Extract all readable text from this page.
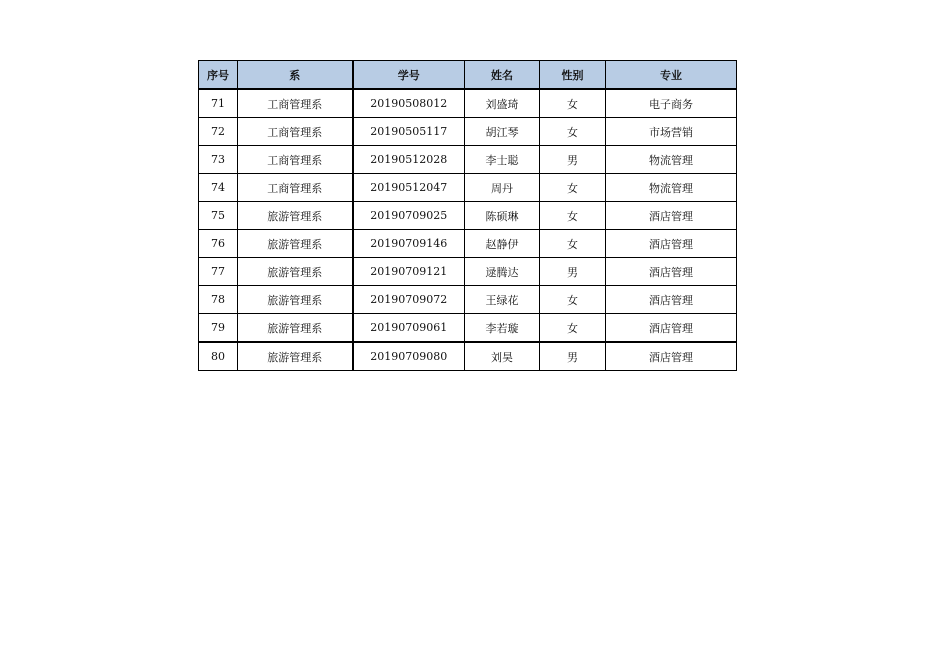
序号	系	学号	姓名	性别	专业
71	工商管理系	20190508012	刘盛琦	女	电子商务
72	工商管理系	20190505117	胡江琴	女	市场营销
73	工商管理系	20190512028	李士聪	男	物流管理
74	工商管理系	20190512047	周丹	女	物流管理
75	旅游管理系	20190709025	陈硕琳	女	酒店管理
76	旅游管理系	20190709146	赵静伊	女	酒店管理
77	旅游管理系	20190709121	逯腾达	男	酒店管理
78	旅游管理系	20190709072	王绿花	女	酒店管理
79	旅游管理系	20190709061	李若璇	女	酒店管理
80	旅游管理系	20190709080	刘昊	男	酒店管理
